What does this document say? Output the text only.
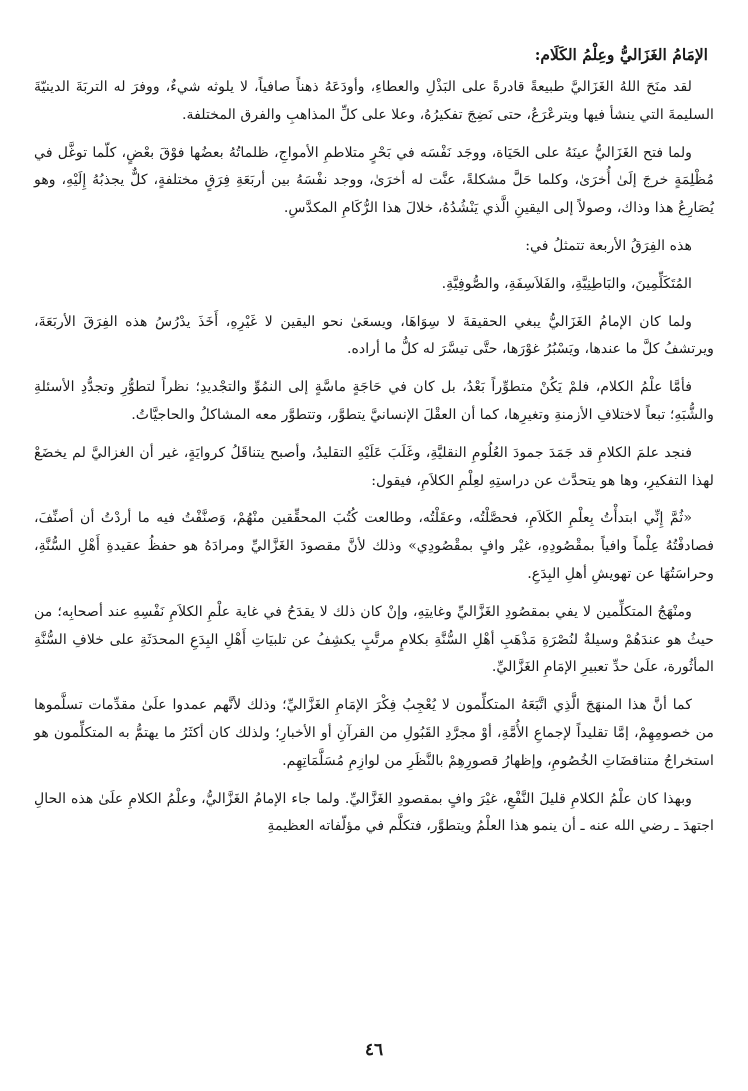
الإمَامُ الغَزَاليُّ وعِلْمُ الكَلَام:

لقد منَحَ اللهُ الغَزَاليَّ طبيعةً قادرةً على البَذْلِ والعطاءِ، وأودَعَهُ ذهناً صافياً، لا يلوثه شيءٌ، ووفرَ له التربَةَ الدينيّةَ السليمةَ التي ينشأ فيها ويترعْرَعُ، حتى نَضِجَ تفكيرُهُ، وعلا على كلِّ المذاهبِ والفرق المختلفة.

ولما فتح الغَزَاليُّ عينَهُ على الحَيَاة، ووجَد نَفْسَه في بَحْرٍ متلاطمِ الأمواجِ، ظلماتُهُ بعضُها فوْقَ بعْضٍ، كلّما توغَّل في مُظْلِمَةٍ خرجَ إلَىٰ أُخرَىٰ، وكلما حَلَّ مشكلةً، عنَّت له أخرَىٰ، ووجد نفْسَهُ بين أربَعَةِ فِرَقٍ مختلفةٍ، كلٌّ يجذبُهُ إِلَيْهِ، وهو يُصَارِعُ هذا وذاك، وصولاً إلى اليقينِ الَّذي يَنْشُدُهُ، خلالَ هذا الرُّكَامِ المكدَّسِ.

هذه الفِرَقُ الأربعة تتمثلُ في:

المُتَكَلِّمِينَ، والبَاطِنِيَّةِ، والفَلاَسِفَةِ، والصُّوفِيَّةِ.

ولما كان الإمامُ الغَزَاليُّ يبغي الحقيقةَ لا سِوَاهَا، ويسعَىٰ نحو اليقين لا غَيْرِهِ، أَخَذَ يدْرُسُ هذه الفِرَقَ الأربَعَةَ، ويرتشفُ كلَّ ما عندها، ويَسْبُرُ غوْرَها، حتَّى تيسَّرَ له كلُّ ما أراده.

فأمَّا علْمُ الكلام، فلمْ يَكُنْ متطوِّراً بَعْدُ، بل كان في حَاجَةٍ ماسَّةٍ إلى النمُوِّ والتجْديدِ؛ نظراً لتطوُّرِ وتجدُّدِ الأسئلةِ والشُّبَهِ؛ تبعاً لاختلافِ الأزمنةِ وتغيرِها، كما أن العقْلَ الإنسانيَّ يتطوَّر، وتتطوَّر معه المشاكلُ والحاجيَّاتُ.

فنجد علمَ الكلامِ قد جَمَدَ جمودَ العُلُومِ النقليَّةِ، وغَلَبَ عَلَيْهِ التقليدُ، وأصبح يتناقَلُ كروايَةٍ، غير أن الغزاليَّ لم يخضَعْ لهذا التفكيرِ، وها هو يتحدَّث عن دراستِهِ لعِلْمِ الكلاَمِ، فيقول:

«ثُمَّ إِنِّي ابتدأْتُ بِعلْمِ الكَلاَمِ، فحصَّلْتُه، وعقَلْتُه، وطالعت كُتُبَ المحقِّقين منْهُمْ، وَصنَّفْتُ فيه ما أردْتُ أن أصنِّفَ، فصادفْتُهُ عِلْماً وافياً بمقْصُودِهِ، غيْر وافٍ بمقْصُودِي» وذلك لأنَّ مقصودَ الغَزَّاليِّ ومرادَهُ هو حفظُ عقيدةِ أَهْلِ السُّنَّةِ، وحراسَتُهَا عن تهويشِ أهلِ البِدَعِ.

ومنْهَجُ المتكلِّمين لا يفي بمقصُودِ الغَزَّاليِّ وغايتِهِ، وإنْ كان ذلك لا يقدَحُ في غاية علْمِ الكلاَمِ نَفْسِهِ عند أصحابِه؛ من حيثُ هو عندَهُمْ وسيلةٌ لنُصْرَةِ مَذْهَبِ أهْلِ السُّنَّةِ بكلامٍ مرتَّبٍ يكشِفُ عن تلبيَاتِ أَهْلِ البِدَعِ المحدَثَةِ على خلافِ السُّنَّةِ المأثُورة، علَىٰ حدِّ تعبيرِ الإمَامِ الغَزَّاليِّ.

كما أنَّ هذا المنهَجَ الَّذِي اتَّبَعَهُ المتكلِّمون لا يُعْجِبُ فِكْرَ الإمَامِ الغَزَّاليِّ؛ وذلك لأنَّهم عمدوا علَىٰ مقدِّمات تسلَّموها من خصومِهِمْ، إمَّا تقليداً لإجماعِ الأُمَّةِ، أوْ مجرَّدِ القَبُولِ من القرآنِ أو الأخبارِ؛ ولذلك كان أكثَرُ ما يهتمُّ به المتكلِّمون هو استخراجُ متناقضَاتِ الخُصُومِ، وإظهارُ قصورِهِمْ بالنَّظَرِ من لوازِمِ مُسَلَّمَاتِهِم.

وبهذا كان علْمُ الكلامِ قليلَ النَّفْعِ، غيْرَ وافٍ بمقصودِ الغَزَّاليِّ. ولما جاء الإمامُ الغَزَّاليُّ، وعلْمُ الكلامِ علَىٰ هذه الحالِ اجتهدَ ـ رضي الله عنه ـ أن ينمو هذا العلْمُ ويتطوَّر، فتكلَّم في مؤلّفاته العظيمةِ

٤٦
